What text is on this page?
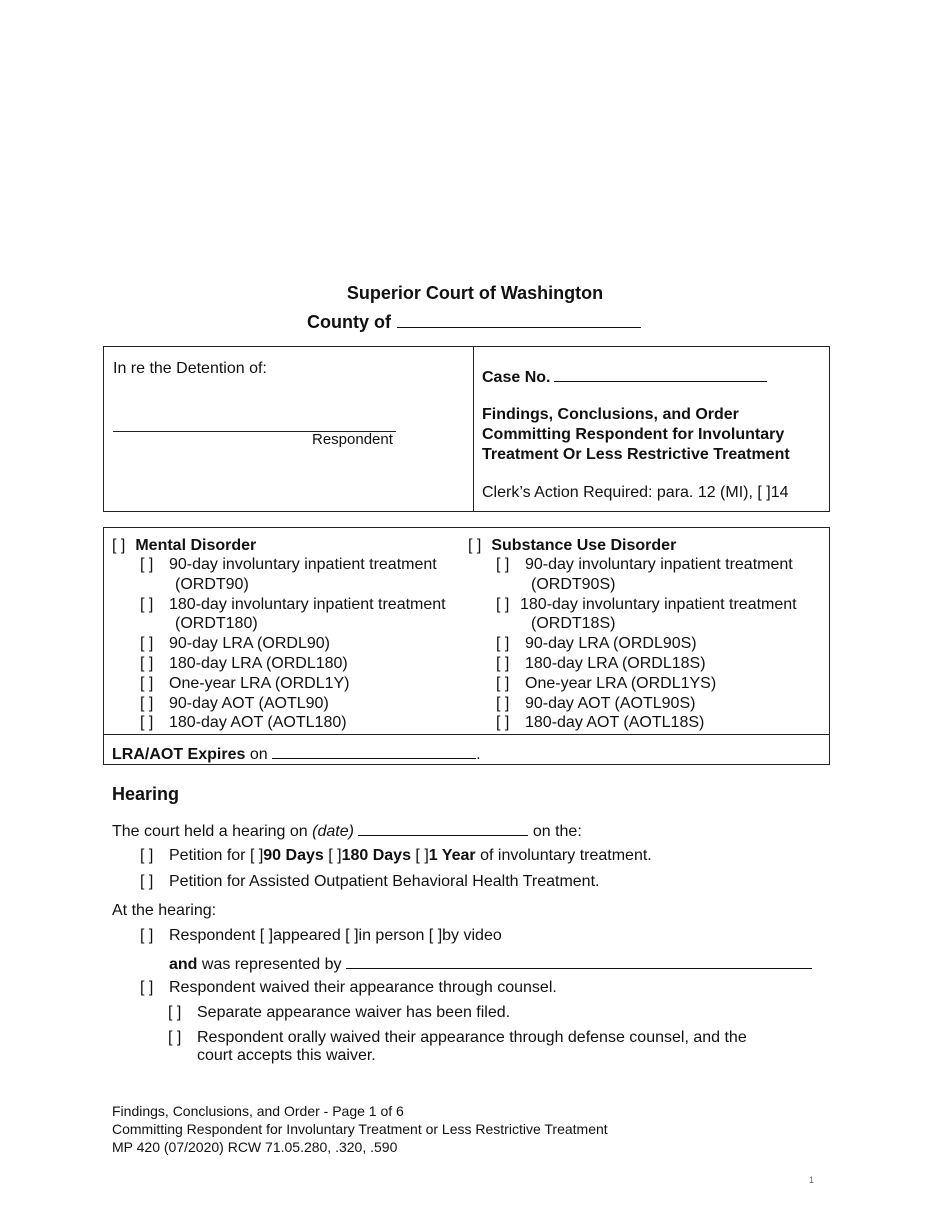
Superior Court of Washington
County of
In re the Detention of:
Respondent
Case No.
Findings, Conclusions, and Order
Committing Respondent for Involuntary
Treatment Or Less Restrictive Treatment
Clerk’s Action Required: para. 12 (MI), [ ]14
[ ] Mental Disorder
[ ] 90-day involuntary inpatient treatment
(ORDT90)
[ ] 180-day involuntary inpatient treatment
(ORDT180)
[ ] 90-day LRA (ORDL90)
[ ] 180-day LRA (ORDL180)
[ ] One-year LRA (ORDL1Y)
[ ] 90-day AOT (AOTL90)
[ ] 180-day AOT (AOTL180)
[ ] Substance Use Disorder
[ ] 90-day involuntary inpatient treatment
(ORDT90S)
[ ] 180-day involuntary inpatient treatment
(ORDT18S)
[ ] 90-day LRA (ORDL90S)
[ ] 180-day LRA (ORDL18S)
[ ] One-year LRA (ORDL1YS)
[ ] 90-day AOT (AOTL90S)
[ ] 180-day AOT (AOTL18S)
LRA/AOT Expires on	.
Hearing
The court held a hearing on (date)	on the:
[ ] Petition for [ ]90 Days [ ]180 Days [ ]1 Year of involuntary treatment.
[ ] Petition for Assisted Outpatient Behavioral Health Treatment.
At the hearing:
[ ] Respondent [ ]appeared [ ]in person [ ]by video
and was represented by
[ ] Respondent waived their appearance through counsel.
[ ] Separate appearance waiver has been filed.
[ ] Respondent orally waived their appearance through defense counsel, and the
court accepts this waiver.
Findings, Conclusions, and Order - Page 1 of 6
Committing Respondent for Involuntary Treatment or Less Restrictive Treatment
MP 420 (07/2020) RCW 71.05.280, .320, .590
1
